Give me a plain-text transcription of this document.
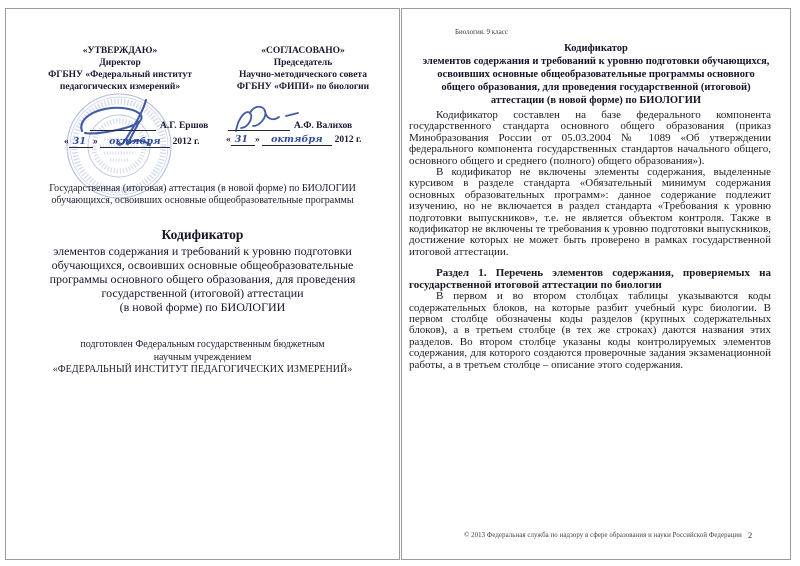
«УТВЕРЖДАЮ»
Директор
ФГБНУ «Федеральный институт
педагогических измерений»
«СОГЛАСОВАНО»
Председатель
Научно-методического совета
ФГБНУ «ФИПИ» по биологии
А.Г. Ершов	А.Ф. Валихов
« 31 » октября 2012 г.	« 31 » октября 2012 г.
Государственная (итоговая) аттестация (в новой форме) по БИОЛОГИИ
обучающихся, освоивших основные общеобразовательные программы
Кодификатор
элементов содержания и требований к уровню подготовки
обучающихся, освоивших основные общеобразовательные
программы основного общего образования, для проведения
государственной (итоговой) аттестации
(в новой форме) по БИОЛОГИИ
подготовлен Федеральным государственным бюджетным
научным учреждением
«ФЕДЕРАЛЬНЫЙ ИНСТИТУТ ПЕДАГОГИЧЕСКИХ ИЗМЕРЕНИЙ»
Биология. 9 класс
Кодификатор
элементов содержания и требований к уровню подготовки обучающихся,
освоивших основные общеобразовательные программы основного
общего образования, для проведения государственной (итоговой)
аттестации (в новой форме) по БИОЛОГИИ

Кодификатор составлен на базе федерального компонента государственного стандарта основного общего образования (приказ Минобразования России от 05.03.2004 № 1089 «Об утверждении федерального компонента государственных стандартов начального общего, основного общего и среднего (полного) общего образования»).

В кодификатор не включены элементы содержания, выделенные курсивом в разделе стандарта «Обязательный минимум содержания основных образовательных программ»: данное содержание подлежит изучению, но не включается в раздел стандарта «Требования к уровню подготовки выпускников», т.е. не является объектом контроля. Также в кодификатор не включены те требования к уровню подготовки выпускников, достижение которых не может быть проверено в рамках государственной итоговой аттестации.

Раздел 1. Перечень элементов содержания, проверяемых на государственной итоговой аттестации по биологии

В первом и во втором столбцах таблицы указываются коды содержательных блоков, на которые разбит учебный курс биологии. В первом столбце обозначены коды разделов (крупных содержательных блоков), а в третьем столбце (в тех же строках) даются названия этих разделов. Во втором столбце указаны коды контролируемых элементов содержания, для которого создаются проверочные задания экзаменационной работы, а в третьем столбце – описание этого содержания.

© 2013 Федеральная служба по надзору в сфере образования и науки Российской Федерации 2
